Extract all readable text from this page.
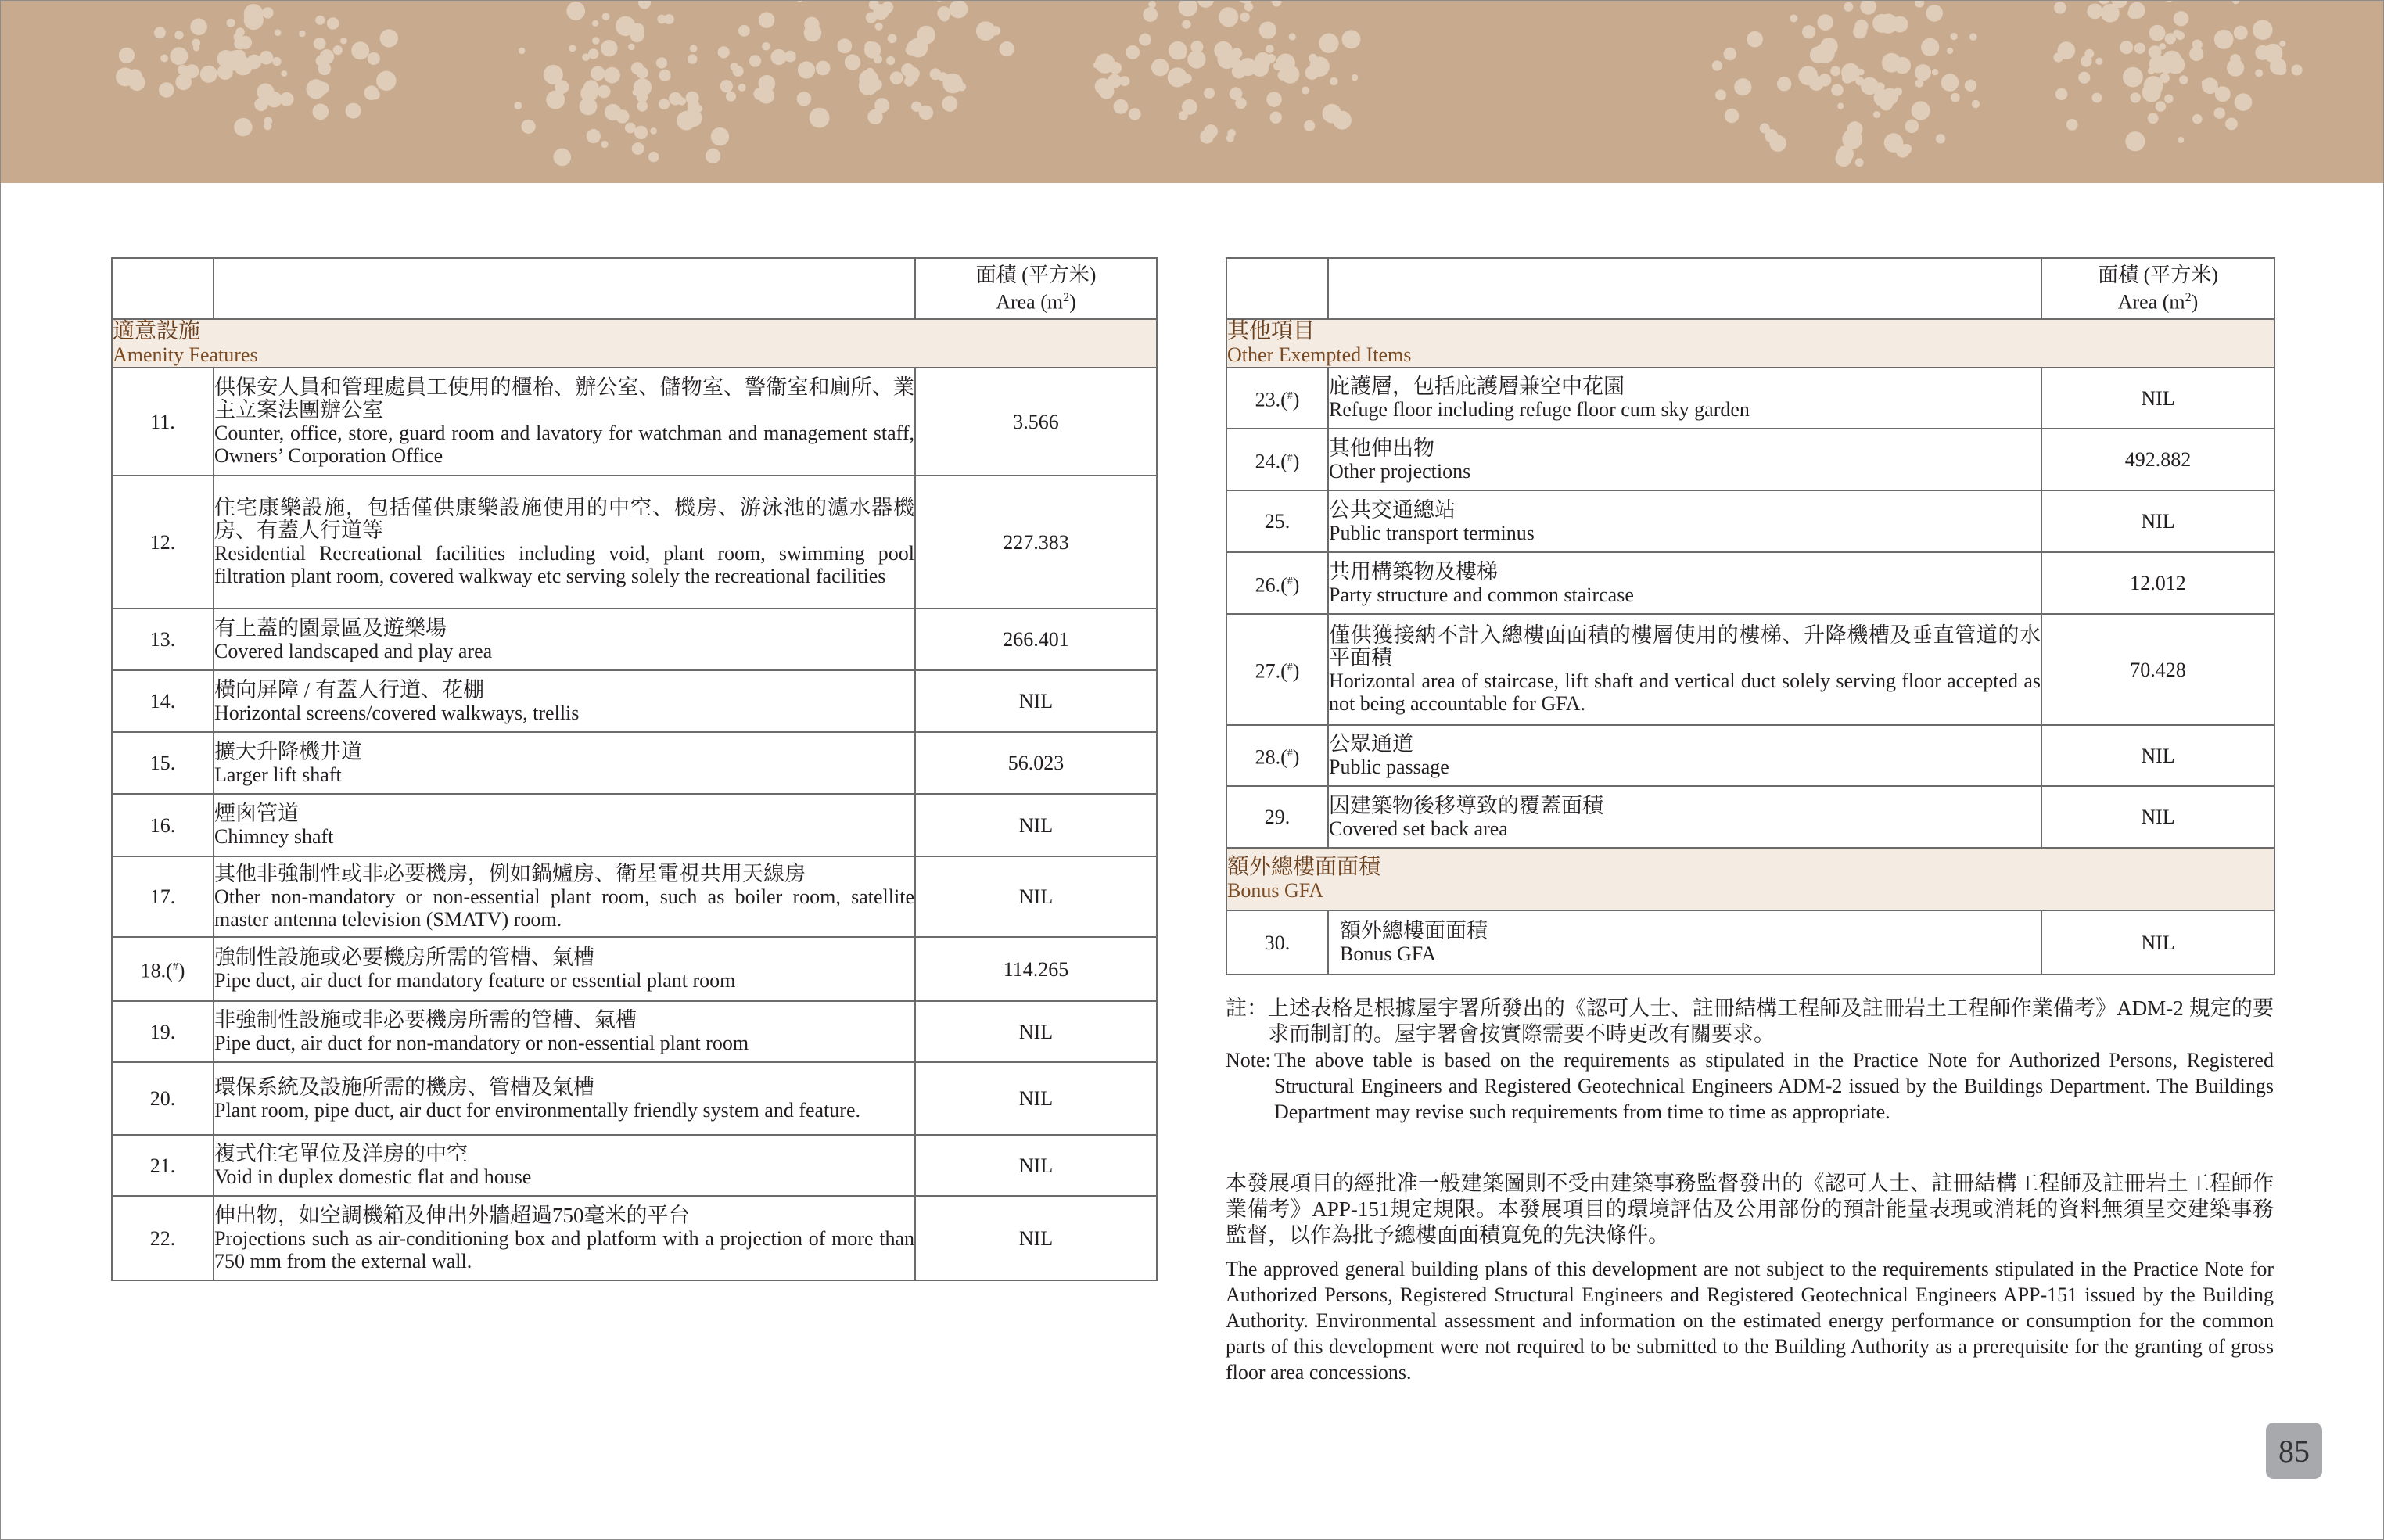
		面積 (平方米)
Area $(m^2)$

適意設施
Amenity Features		

11.	供保安人員和管理處員工使用的櫃枱、辦公室、儲物室、警衞室和廁所、業主立案法團辦公室
Counter, office, store, guard room and lavatory for watchman and management staff, Owners’ Corporation Office	3.566
12.	住宅康樂設施，包括僅供康樂設施使用的中空、機房、游泳池的濾水器機房、有蓋人行道等
Residential Recreational facilities including void, plant room, swimming pool filtration plant room, covered walkway etc serving solely the recreational facilities	227.383
13.	有上蓋的園景區及遊樂場
Covered landscaped and play area	266.401
14.	橫向屏障 / 有蓋人行道、花棚
Horizontal screens/covered walkways, trellis	NIL
15.	擴大升降機井道
Larger lift shaft	56.023
16.	煙囪管道
Chimney shaft	NIL
17.	其他非強制性或非必要機房，例如鍋爐房、衛星電視共用天線房
Other non-mandatory or non-essential plant room, such as boiler room, satellite master antenna television (SMATV) room.	NIL
18.(#)	強制性設施或必要機房所需的管槽、氣槽
Pipe duct, air duct for mandatory feature or essential plant room	114.265
19.	非強制性設施或非必要機房所需的管槽、氣槽
Pipe duct, air duct for non-mandatory or non-essential plant room	NIL
20.	環保系統及設施所需的機房、管槽及氣槽
Plant room, pipe duct, air duct for environmentally friendly system and feature.	NIL
21.	複式住宅單位及洋房的中空
Void in duplex domestic flat and house	NIL
22.	伸出物，如空調機箱及伸出外牆超過750毫米的平台
Projections such as air-conditioning box and platform with a projection of more than 750 mm from the external wall.	NIL

		面積 (平方米)
Area $(m^2)$

其他項目
Other Exempted Items		

23.(#)	庇護層，包括庇護層兼空中花園
Refuge floor including refuge floor cum sky garden	NIL
24.(#)	其他伸出物
Other projections	492.882
25.	公共交通總站
Public transport terminus	NIL
26.(#)	共用構築物及樓梯
Party structure and common staircase	12.012
27.(#)	僅供獲接納不計入總樓面面積的樓層使用的樓梯、升降機槽及垂直管道的水平面積
Horizontal area of staircase, lift shaft and vertical duct solely serving floor accepted as not being accountable for GFA.	70.428
28.(#)	公眾通道
Public passage	NIL
29.	因建築物後移導致的覆蓋面積
Covered set back area	NIL

額外總樓面面積
Bonus GFA		

30.	額外總樓面面積
Bonus GFA	NIL
註： 上述表格是根據屋宇署所發出的《認可人士、註冊結構工程師及註冊岩土工程師作業備考》ADM-2 規定的要求而制訂的。屋宇署會按實際需要不時更改有關要求。
Note: The above table is based on the requirements as stipulated in the Practice Note for Authorized Persons, Registered Structural Engineers and Registered Geotechnical Engineers ADM-2 issued by the Buildings Department. The Buildings Department may revise such requirements from time to time as appropriate.
本發展項目的經批准一般建築圖則不受由建築事務監督發出的《認可人士、註冊結構工程師及註冊岩土工程師作業備考》APP-151規定規限。本發展項目的環境評估及公用部份的預計能量表現或消耗的資料無須呈交建築事務監督，以作為批予總樓面面積寬免的先決條件。
The approved general building plans of this development are not subject to the requirements stipulated in the Practice Note for Authorized Persons, Registered Structural Engineers and Registered Geotechnical Engineers APP-151 issued by the Building Authority. Environmental assessment and information on the estimated energy performance or consumption for the common parts of this development were not required to be submitted to the Building Authority as a prerequisite for the granting of gross floor area concessions.
85
